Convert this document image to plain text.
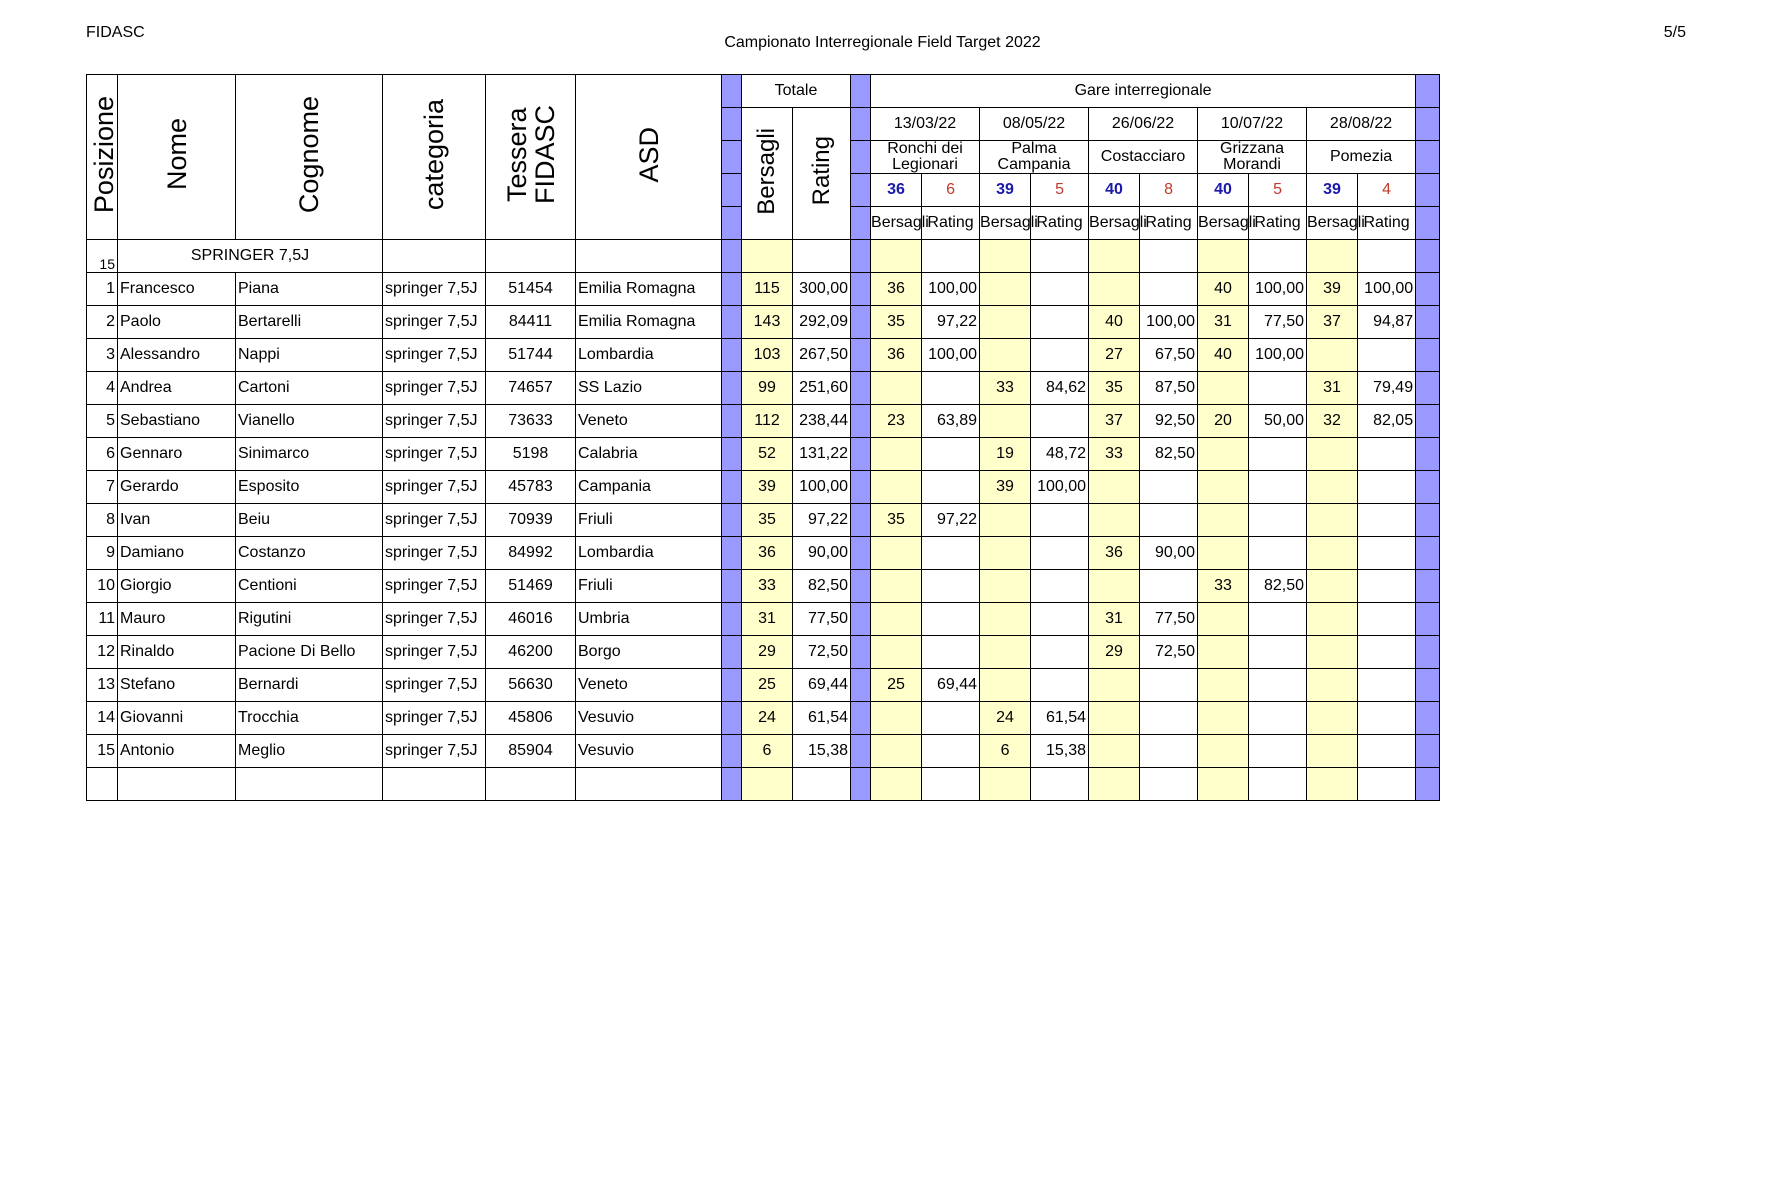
FIDASC
Campionato Interregionale Field Target 2022
5/5
Posizione	Nome	Cognome	categoria	Tessera
FIDASC	ASD		Totale			Gare interregionale										
							Bersagli	Rating		13/03/22		08/05/22		26/06/22		10/07/22		28/08/22		
										Ronchi dei Legionari		Palma Campania		Costacciaro		Grizzana Morandi		Pomezia		
										36	6	39	5	40	8	40	5	39	4	
										Bersagli	Rating	Bersagli	Rating	Bersagli	Rating	Bersagli	Rating	Bersagli	Rating	
15	SPRINGER 7,5J																			
1	Francesco	Piana	springer 7,5J	51454	Emilia Romagna		115	300,00		36	100,00					40	100,00	39	100,00	
2	Paolo	Bertarelli	springer 7,5J	84411	Emilia Romagna		143	292,09		35	97,22			40	100,00	31	77,50	37	94,87	
3	Alessandro	Nappi	springer 7,5J	51744	Lombardia		103	267,50		36	100,00			27	67,50	40	100,00			
4	Andrea	Cartoni	springer 7,5J	74657	SS Lazio		99	251,60				33	84,62	35	87,50			31	79,49	
5	Sebastiano	Vianello	springer 7,5J	73633	Veneto		112	238,44		23	63,89			37	92,50	20	50,00	32	82,05	
6	Gennaro	Sinimarco	springer 7,5J	5198	Calabria		52	131,22				19	48,72	33	82,50					
7	Gerardo	Esposito	springer 7,5J	45783	Campania		39	100,00				39	100,00							
8	Ivan	Beiu	springer 7,5J	70939	Friuli		35	97,22		35	97,22									
9	Damiano	Costanzo	springer 7,5J	84992	Lombardia		36	90,00						36	90,00					
10	Giorgio	Centioni	springer 7,5J	51469	Friuli		33	82,50								33	82,50			
11	Mauro	Rigutini	springer 7,5J	46016	Umbria		31	77,50						31	77,50					
12	Rinaldo	Pacione Di Bello	springer 7,5J	46200	Borgo		29	72,50						29	72,50					
13	Stefano	Bernardi	springer 7,5J	56630	Veneto		25	69,44		25	69,44									
14	Giovanni	Trocchia	springer 7,5J	45806	Vesuvio		24	61,54				24	61,54							
15	Antonio	Meglio	springer 7,5J	85904	Vesuvio		6	15,38				6	15,38							
